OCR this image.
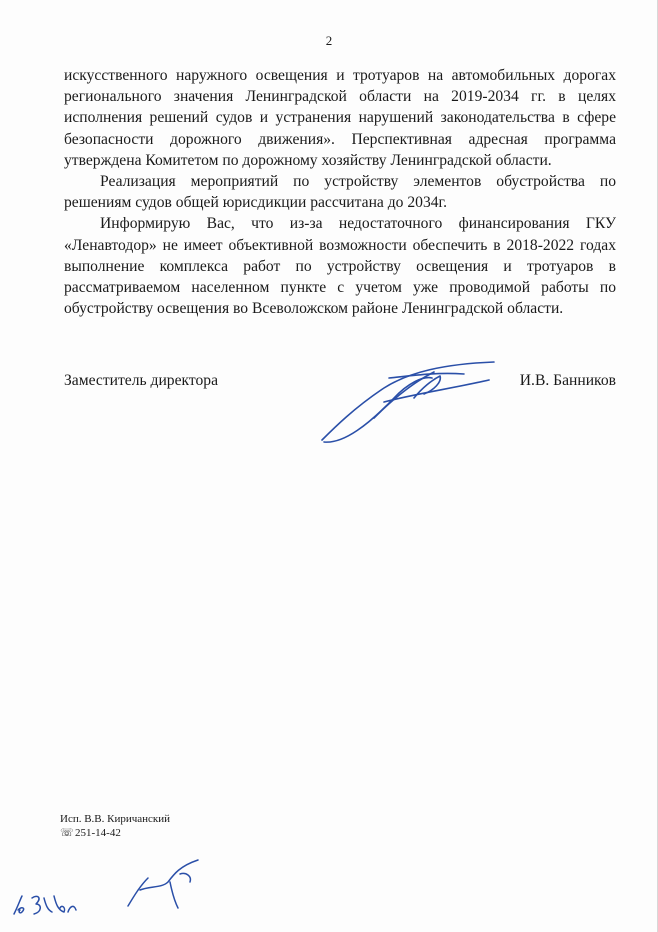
2

искусственного наружного освещения и тротуаров на автомобильных дорогах регионального значения Ленинградской области на 2019-2034 гг. в целях исполнения решений судов и устранения нарушений законодательства в сфере безопасности дорожного движения». Перспективная адресная программа утверждена Комитетом по дорожному хозяйству Ленинградской области.

Реализация мероприятий по устройству элементов обустройства по решениям судов общей юрисдикции рассчитана до 2034г.

Информирую Вас, что из-за недостаточного финансирования ГКУ «Ленавтодор» не имеет объективной возможности обеспечить в 2018-2022 годах выполнение комплекса работ по устройству освещения и тротуаров в рассматриваемом населенном пункте с учетом уже проводимой работы по обустройству освещения во Всеволожском районе Ленинградской области.

Заместитель директора	И.В. Банников
Исп. В.В. Киричанский
☏ 251-14-42
